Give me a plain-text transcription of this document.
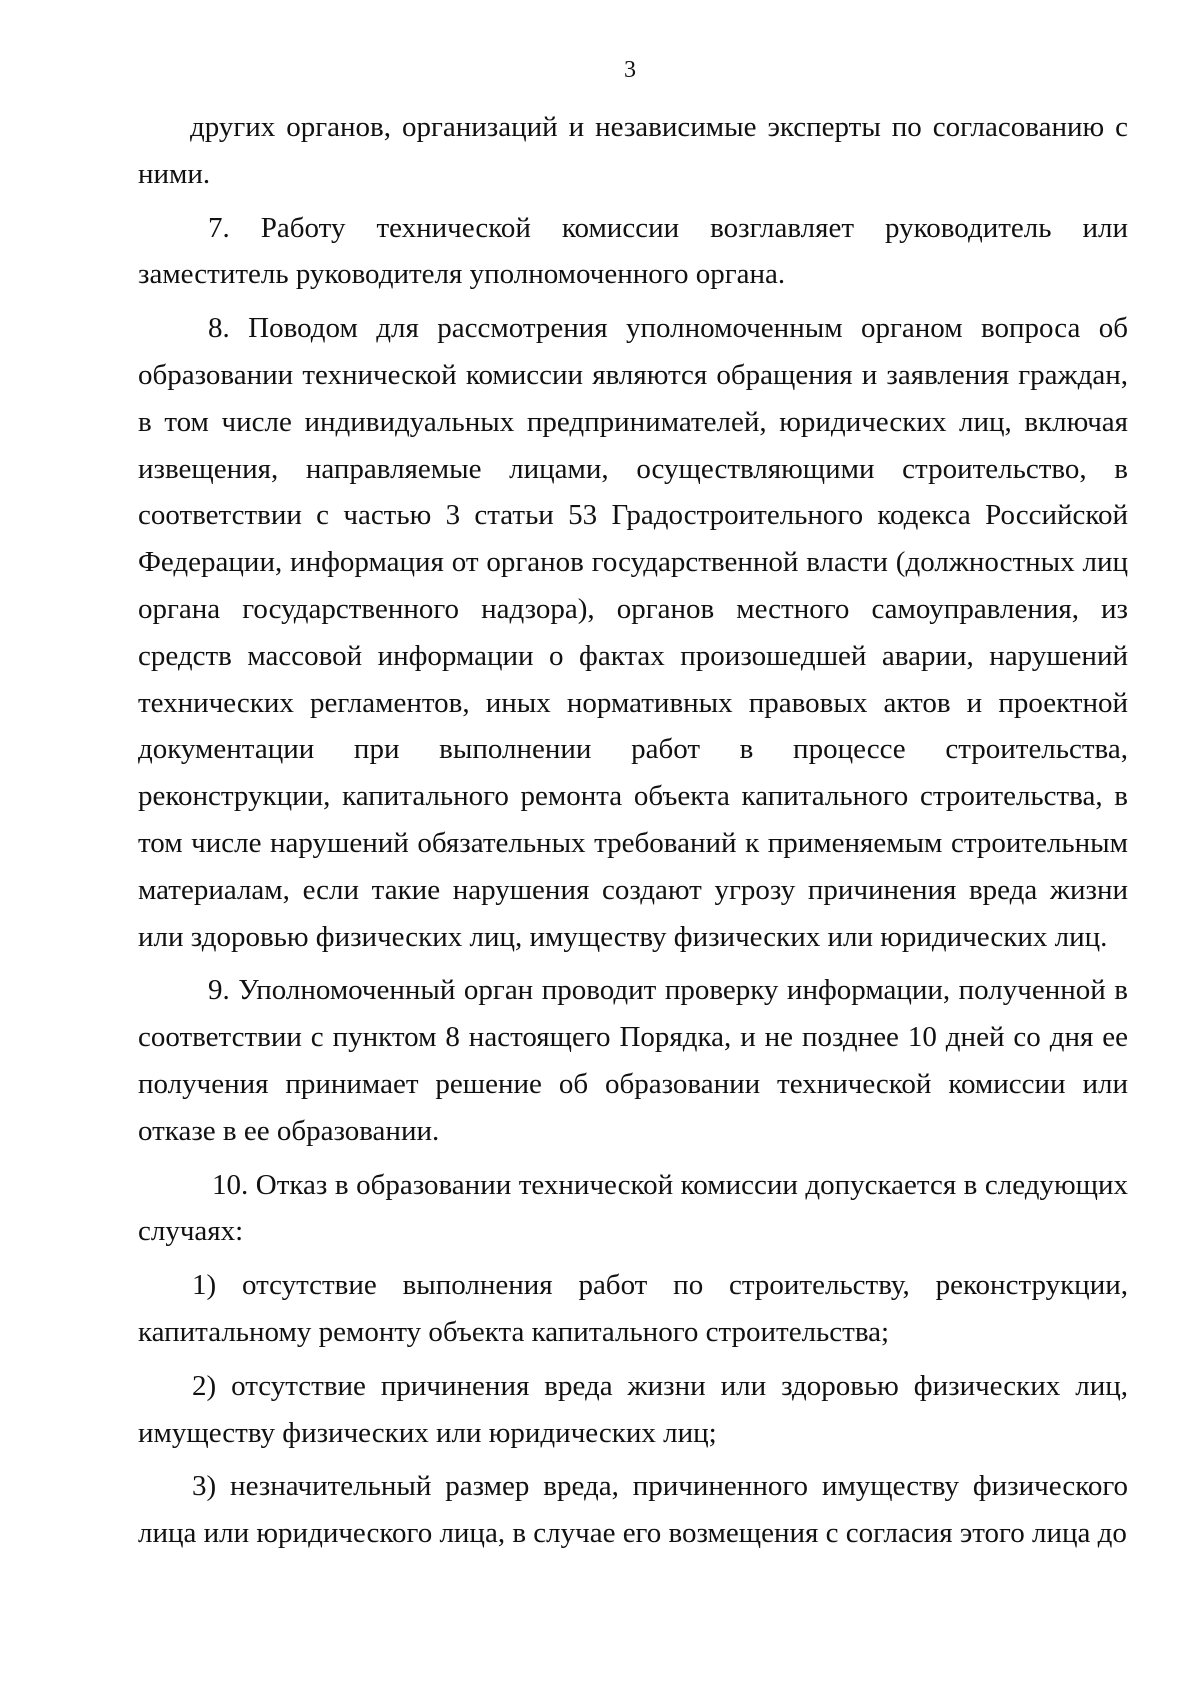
3

других органов, организаций и независимые эксперты по согласованию с ними.

7. Работу технической комиссии возглавляет руководитель или заместитель руководителя уполномоченного органа.

8. Поводом для рассмотрения уполномоченным органом вопроса об образовании технической комиссии являются обращения и заявления граждан, в том числе индивидуальных предпринимателей, юридических лиц, включая извещения, направляемые лицами, осуществляющими строительство, в соответствии с частью 3 статьи 53 Градостроительного кодекса Российской Федерации, информация от органов государственной власти (должностных лиц органа государственного надзора), органов местного самоуправления, из средств массовой информации о фактах произошедшей аварии, нарушений технических регламентов, иных нормативных правовых актов и проектной документации при выполнении работ в процессе строительства, реконструкции, капитального ремонта объекта капитального строительства, в том числе нарушений обязательных требований к применяемым строительным материалам, если такие нарушения создают угрозу причинения вреда жизни или здоровью физических лиц, имуществу физических или юридических лиц.

9. Уполномоченный орган проводит проверку информации, полученной в соответствии с пунктом 8 настоящего Порядка, и не позднее 10 дней со дня ее получения принимает решение об образовании технической комиссии или отказе в ее образовании.

10. Отказ в образовании технической комиссии допускается в следующих случаях:

1) отсутствие выполнения работ по строительству, реконструкции, капитальному ремонту объекта капитального строительства;

2) отсутствие причинения вреда жизни или здоровью физических лиц, имуществу физических или юридических лиц;

3) незначительный размер вреда, причиненного имуществу физического лица или юридического лица, в случае его возмещения с согласия этого лица до
